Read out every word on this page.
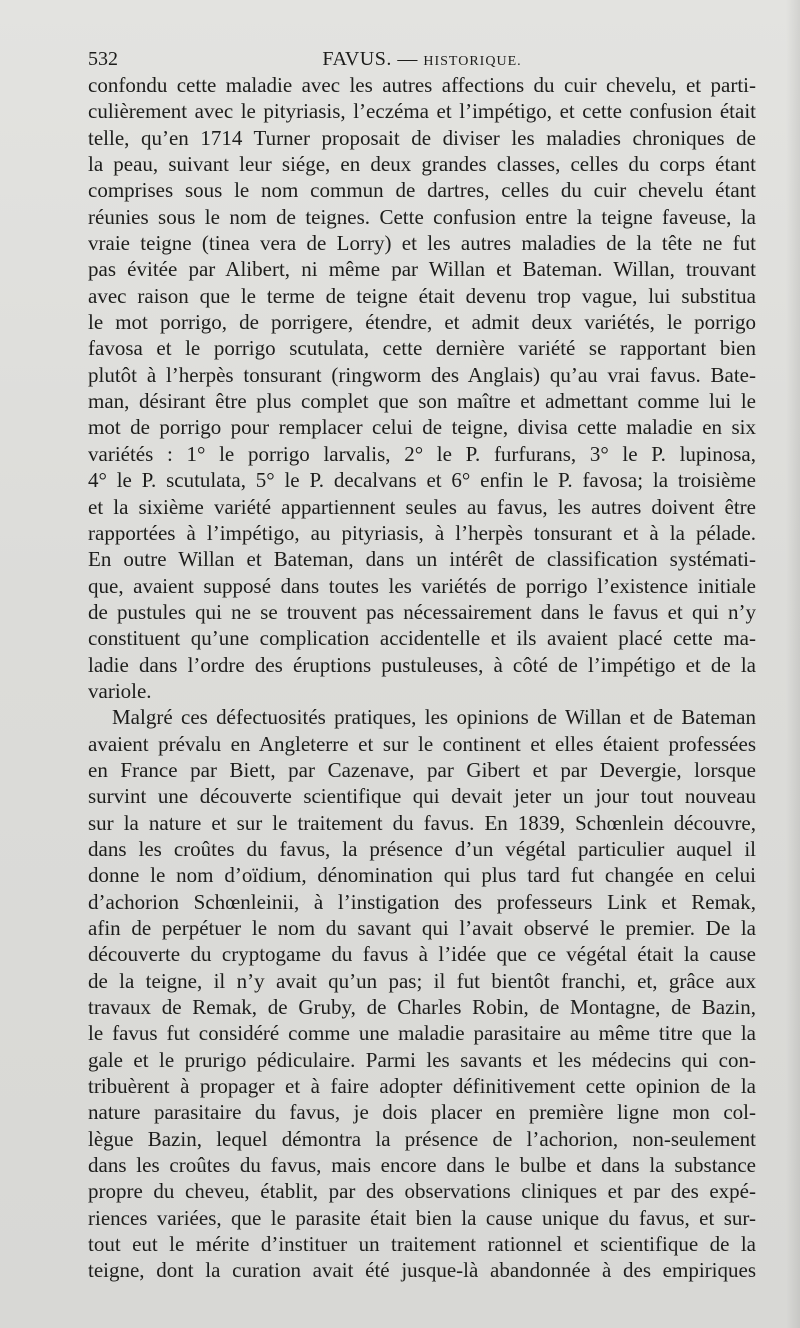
532	FAVUS. — HISTORIQUE.
confondu cette maladie avec les autres affections du cuir chevelu, et parti-
culièrement avec le pityriasis, l’eczéma et l’impétigo, et cette confusion était
telle, qu’en 1714 Turner proposait de diviser les maladies chroniques de
la peau, suivant leur siége, en deux grandes classes, celles du corps étant
comprises sous le nom commun de dartres, celles du cuir chevelu étant
réunies sous le nom de teignes. Cette confusion entre la teigne faveuse, la
vraie teigne (tinea vera de Lorry) et les autres maladies de la tête ne fut
pas évitée par Alibert, ni même par Willan et Bateman. Willan, trouvant
avec raison que le terme de teigne était devenu trop vague, lui substitua
le mot porrigo, de porrigere, étendre, et admit deux variétés, le porrigo
favosa et le porrigo scutulata, cette dernière variété se rapportant bien
plutôt à l’herpès tonsurant (ringworm des Anglais) qu’au vrai favus. Bate-
man, désirant être plus complet que son maître et admettant comme lui le
mot de porrigo pour remplacer celui de teigne, divisa cette maladie en six
variétés : 1° le porrigo larvalis, 2° le P. furfurans, 3° le P. lupinosa,
4° le P. scutulata, 5° le P. decalvans et 6° enfin le P. favosa; la troisième
et la sixième variété appartiennent seules au favus, les autres doivent être
rapportées à l’impétigo, au pityriasis, à l’herpès tonsurant et à la pélade.
En outre Willan et Bateman, dans un intérêt de classification systémati-
que, avaient supposé dans toutes les variétés de porrigo l’existence initiale
de pustules qui ne se trouvent pas nécessairement dans le favus et qui n’y
constituent qu’une complication accidentelle et ils avaient placé cette ma-
ladie dans l’ordre des éruptions pustuleuses, à côté de l’impétigo et de la
variole.
Malgré ces défectuosités pratiques, les opinions de Willan et de Bateman
avaient prévalu en Angleterre et sur le continent et elles étaient professées
en France par Biett, par Cazenave, par Gibert et par Devergie, lorsque
survint une découverte scientifique qui devait jeter un jour tout nouveau
sur la nature et sur le traitement du favus. En 1839, Schœnlein découvre,
dans les croûtes du favus, la présence d’un végétal particulier auquel il
donne le nom d’oïdium, dénomination qui plus tard fut changée en celui
d’achorion Schœnleinii, à l’instigation des professeurs Link et Remak,
afin de perpétuer le nom du savant qui l’avait observé le premier. De la
découverte du cryptogame du favus à l’idée que ce végétal était la cause
de la teigne, il n’y avait qu’un pas; il fut bientôt franchi, et, grâce aux
travaux de Remak, de Gruby, de Charles Robin, de Montagne, de Bazin,
le favus fut considéré comme une maladie parasitaire au même titre que la
gale et le prurigo pédiculaire. Parmi les savants et les médecins qui con-
tribuèrent à propager et à faire adopter définitivement cette opinion de la
nature parasitaire du favus, je dois placer en première ligne mon col-
lègue Bazin, lequel démontra la présence de l’achorion, non-seulement
dans les croûtes du favus, mais encore dans le bulbe et dans la substance
propre du cheveu, établit, par des observations cliniques et par des expé-
riences variées, que le parasite était bien la cause unique du favus, et sur-
tout eut le mérite d’instituer un traitement rationnel et scientifique de la
teigne, dont la curation avait été jusque-là abandonnée à des empiriques
